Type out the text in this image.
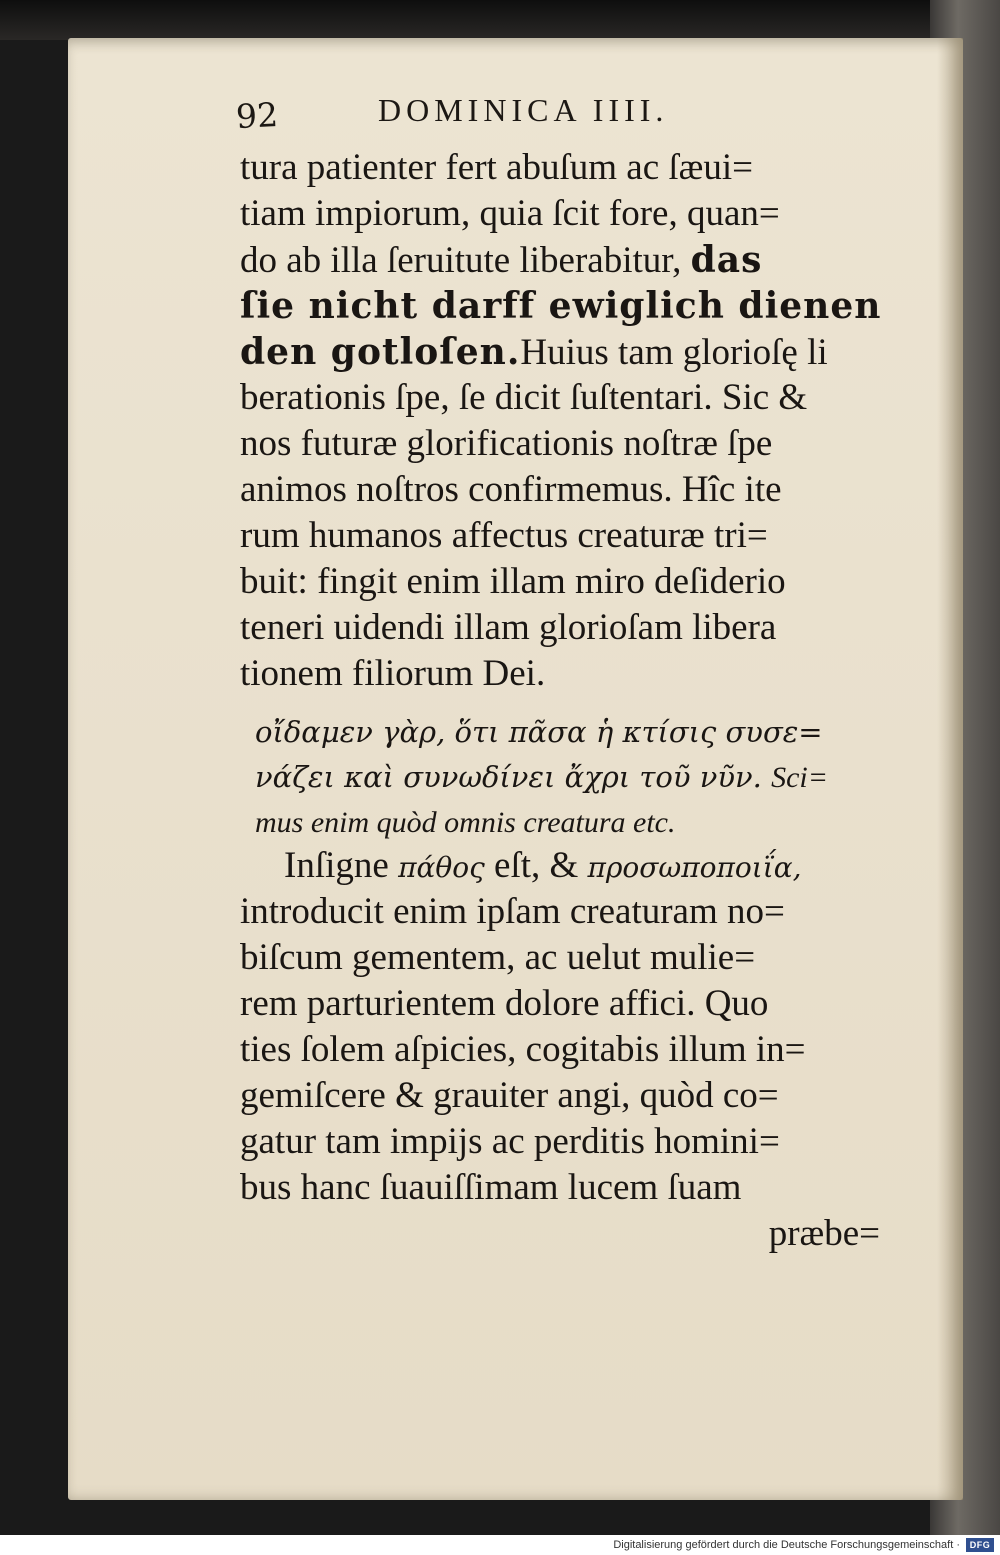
92	DOMINICA IIII.
tura patienter fert abuſum ac ſæui=
tiam impiorum, quia ſcit fore, quan=
do ab illa ſeruitute liberabitur, das
ſie nicht darff ewiglich dienen
den gotloſen.Huius tam glorioſę li
berationis ſpe, ſe dicit ſuſtentari. Sic &
nos futuræ glorificationis noſtræ ſpe
animos noſtros confirmemus. Hîc ite
rum humanos affectus creaturæ tri=
buit: fingit enim illam miro deſiderio
teneri uidendi illam glorioſam libera
tionem filiorum Dei.
οἴδαμεν γὰρ, ὅτι πᾶσα ἡ κτίσις συσε=
νάζει καὶ συνωδίνει ἄχρι τοῦ νῦν. Sci=
mus enim quòd omnis creatura etc.
Inſigne πάθος eſt, & προσωποποιΐα,
introducit enim ipſam creaturam no=
biſcum gementem, ac uelut mulie=
rem parturientem dolore affici. Quo
ties ſolem aſpicies, cogitabis illum in=
gemiſcere & grauiter angi, quòd co=
gatur tam impijs ac perditis homini=
bus hanc ſuauiſſimam lucem ſuam
præbe=
Digitalisierung gefördert durch die Deutsche Forschungsgemeinschaft ·	DFG
